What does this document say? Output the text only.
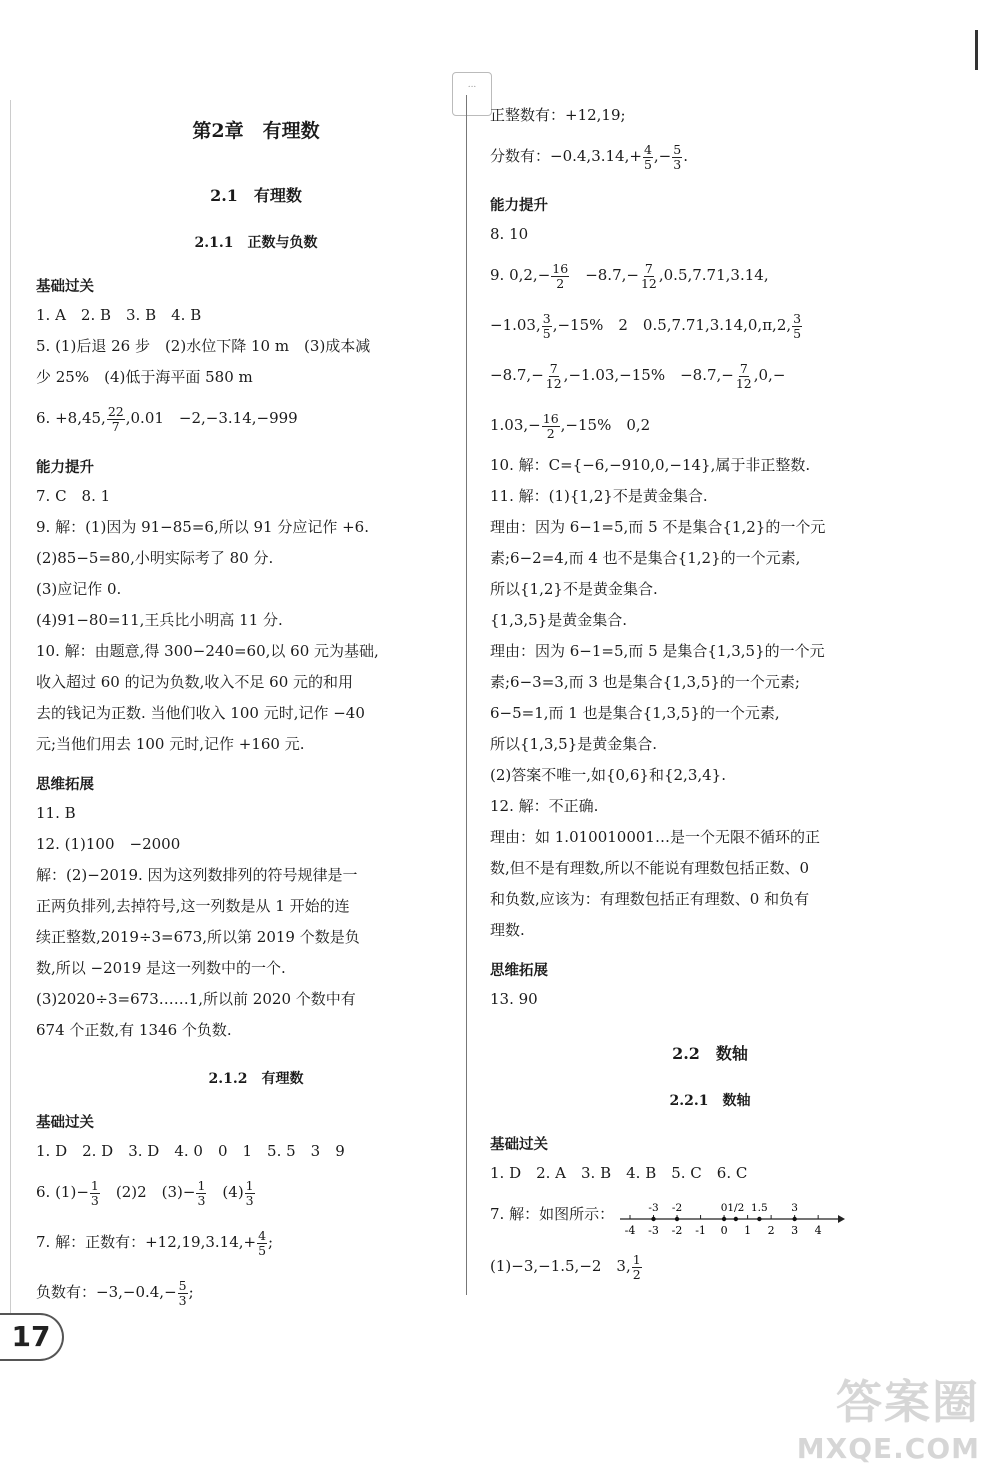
...
第2章　有理数
2.1　有理数
2.1.1　正数与负数
基础过关
1. A　2. B　3. B　4. B
5. (1)后退 26 步　(2)水位下降 10 m　(3)成本减
少 25%　(4)低于海平面 580 m
6. +8,45, $\frac{22}{7} ,0.01$　−2,−3.14,−999
能力提升
7. C　8. 1
9. 解：(1)因为 91−85=6,所以 91 分应记作 +6.
(2)85−5=80,小明实际考了 80 分.
(3)应记作 0.
(4)91−80=11,王兵比小明高 11 分.
10. 解：由题意,得 300−240=60,以 60 元为基础,
收入超过 60 的记为负数,收入不足 60 元的和用
去的钱记为正数. 当他们收入 100 元时,记作 −40
元;当他们用去 100 元时,记作 +160 元.
思维拓展
11. B
12. (1)100　−2000
解：(2)−2019. 因为这列数排列的符号规律是一
正两负排列,去掉符号,这一列数是从 1 开始的连
续正整数,2019÷3=673,所以第 2019 个数是负
数,所以 −2019 是这一列数中的一个.
(3)2020÷3=673……1,所以前 2020 个数中有
674 个正数,有 1346 个负数.
2.1.2　有理数
基础过关
1. D　2. D　3. D　4. 0　0　1　5. 5　3　9
6. $(1)- \frac{1}{3}$ 　(2)2　$(3)- \frac{1}{3}$ 　$(4) \frac{1}{3}$
7. 解：正数有：$+12,19,3.14,+ \frac{4}{5}$ ;
负数有：$-3,-0.4,- \frac{5}{3}$ ;
正整数有：+12,19;
分数有：$-0.4,3.14,+ \frac{4}{5}$ ,− $\frac{5}{3}$ .
能力提升
8. 10
9. $0,2,- \frac{16}{2}$ 　$-8.7,- \frac{7}{12} ,0.5,7.71,3.14$,
−1.03, $\frac{3}{5} ,-15\%$　2　0.5,7.71,3.14,0,π,2, $\frac{3}{5}$
$-8.7,- \frac{7}{12} ,-1.03,-15\%$　$-8.7,- \frac{7}{12} ,0,-$
$1.03,- \frac{16}{2} ,-15\%$　0,2
10. 解：C={−6,−910,0,−14},属于非正整数.
11. 解：(1){1,2}不是黄金集合.
理由：因为 6−1=5,而 5 不是集合{1,2}的一个元
素;6−2=4,而 4 也不是集合{1,2}的一个元素,
所以{1,2}不是黄金集合.
{1,3,5}是黄金集合.
理由：因为 6−1=5,而 5 是集合{1,3,5}的一个元
素;6−3=3,而 3 也是集合{1,3,5}的一个元素;
6−5=1,而 1 也是集合{1,3,5}的一个元素,
所以{1,3,5}是黄金集合.
(2)答案不唯一,如{0,6}和{2,3,4}.
12. 解：不正确.
理由：如 1.010010001…是一个无限不循环的正
数,但不是有理数,所以不能说有理数包括正数、0
和负数,应该为：有理数包括正有理数、0 和负有
理数.
思维拓展
13. 90
2.2　数轴
2.2.1　数轴
基础过关
1. D　2. A　3. B　4. B　5. C　6. C
7. 解：如图所示：
-4 -3 -2 -1 0 1 2 3 4
-3 -2	1.5
0 1/2	3
(1)−3,−1.5,−2　3, $\frac{1}{2}$
17
答案圈
MXQE.COM
